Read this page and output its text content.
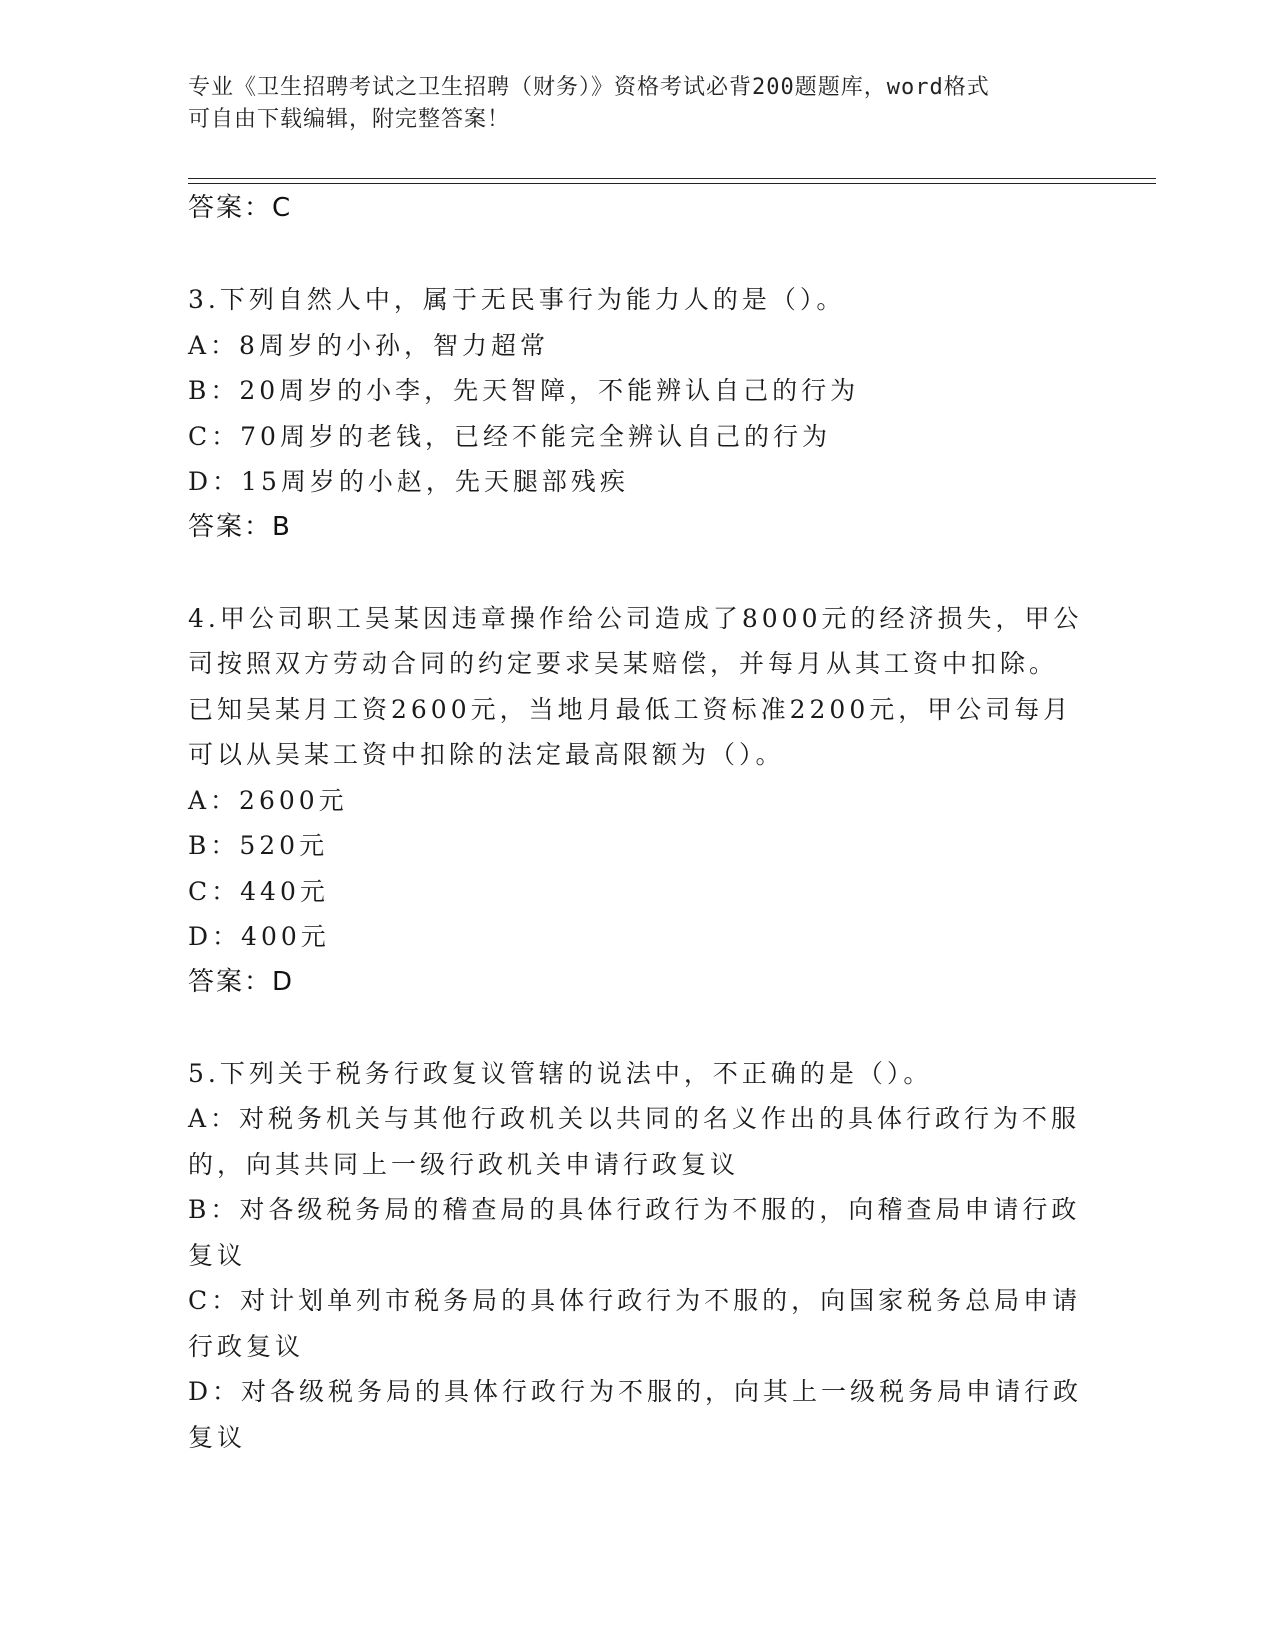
专业《卫生招聘考试之卫生招聘（财务）》资格考试必背200题题库，word格式
可自由下载编辑，附完整答案！
答案：C
3.下列自然人中，属于无民事行为能力人的是（）。
A：8周岁的小孙，智力超常
B：20周岁的小李，先天智障，不能辨认自己的行为
C：70周岁的老钱，已经不能完全辨认自己的行为
D：15周岁的小赵，先天腿部残疾
答案：B
4.甲公司职工吴某因违章操作给公司造成了8000元的经济损失，甲公
司按照双方劳动合同的约定要求吴某赔偿，并每月从其工资中扣除。
已知吴某月工资2600元，当地月最低工资标准2200元，甲公司每月
可以从吴某工资中扣除的法定最高限额为（）。
A：2600元
B：520元
C：440元
D：400元
答案：D
5.下列关于税务行政复议管辖的说法中，不正确的是（）。
A：对税务机关与其他行政机关以共同的名义作出的具体行政行为不服
的，向其共同上一级行政机关申请行政复议
B：对各级税务局的稽查局的具体行政行为不服的，向稽查局申请行政
复议
C：对计划单列市税务局的具体行政行为不服的，向国家税务总局申请
行政复议
D：对各级税务局的具体行政行为不服的，向其上一级税务局申请行政
复议
